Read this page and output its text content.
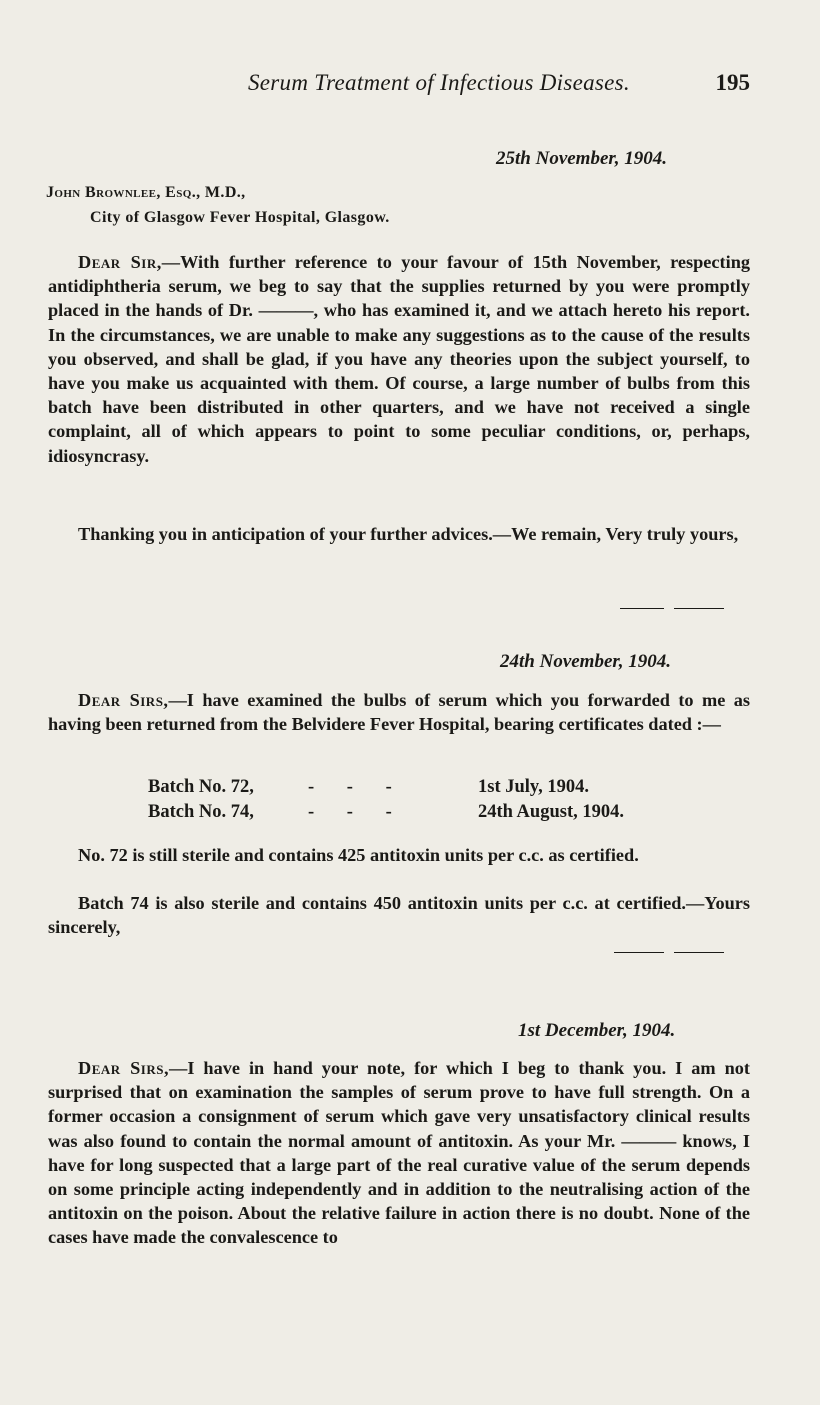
Serum Treatment of Infectious Diseases.	195
25th November, 1904.
John Brownlee, Esq., M.D.,
City of Glasgow Fever Hospital, Glasgow.

Dear Sir,—With further reference to your favour of 15th November, respecting antidiphtheria serum, we beg to say that the supplies returned by you were promptly placed in the hands of Dr. ———, who has examined it, and we attach hereto his report. In the circumstances, we are unable to make any suggestions as to the cause of the results you observed, and shall be glad, if you have any theories upon the subject yourself, to have you make us acquainted with them. Of course, a large number of bulbs from this batch have been distributed in other quarters, and we have not received a single complaint, all of which appears to point to some peculiar conditions, or, perhaps, idiosyncrasy.

Thanking you in anticipation of your further advices.—We remain, Very truly yours,

24th November, 1904.

Dear Sirs,—I have examined the bulbs of serum which you forwarded to me as having been returned from the Belvidere Fever Hospital, bearing certificates dated :—

Batch No. 72,	- - -	1st July, 1904.
Batch No. 74,	- - -	24th August, 1904.

No. 72 is still sterile and contains 425 antitoxin units per c.c. as certified.

Batch 74 is also sterile and contains 450 antitoxin units per c.c. at certified.—Yours sincerely,

1st December, 1904.

Dear Sirs,—I have in hand your note, for which I beg to thank you. I am not surprised that on examination the samples of serum prove to have full strength. On a former occasion a consignment of serum which gave very unsatisfactory clinical results was also found to contain the normal amount of antitoxin. As your Mr. ——— knows, I have for long suspected that a large part of the real curative value of the serum depends on some principle acting independently and in addition to the neutralising action of the antitoxin on the poison. About the relative failure in action there is no doubt. None of the cases have made the convalescence to
